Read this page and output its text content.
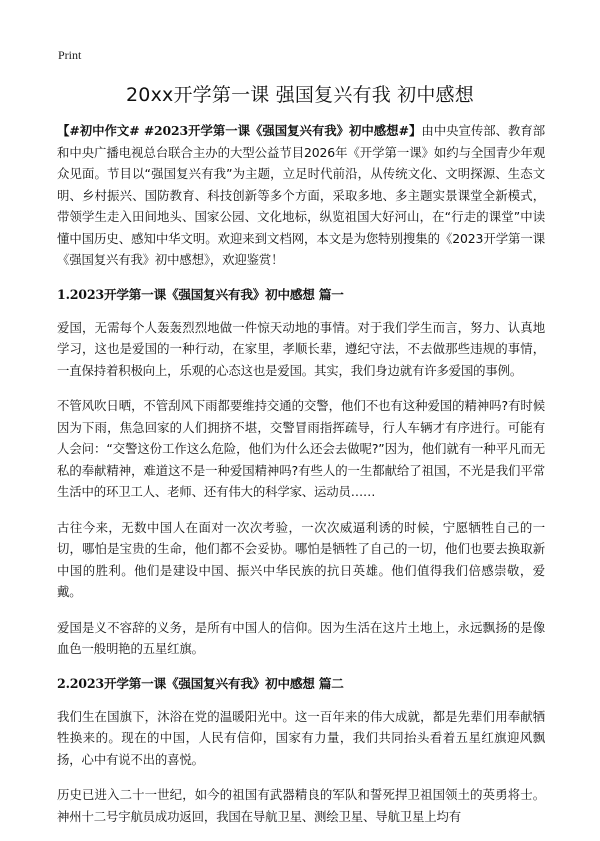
Print
20xx开学第一课 强国复兴有我 初中感想

【#初中作文# #2023开学第一课《强国复兴有我》初中感想#】由中央宣传部、教育部和中央广播电视总台联合主办的大型公益节目2026年《开学第一课》如约与全国青少年观众见面。节目以“强国复兴有我”为主题，立足时代前沿，从传统文化、文明探源、生态文明、乡村振兴、国防教育、科技创新等多个方面，采取多地、多主题实景课堂全新模式，带领学生走入田间地头、国家公园、文化地标，纵览祖国大好河山，在“行走的课堂”中读懂中国历史、感知中华文明。欢迎来到文档网，本文是为您特别搜集的《2023开学第一课《强国复兴有我》初中感想》，欢迎鉴赏！

1.2023开学第一课《强国复兴有我》初中感想 篇一

爱国，无需每个人轰轰烈烈地做一件惊天动地的事情。对于我们学生而言，努力、认真地学习，这也是爱国的一种行动，在家里，孝顺长辈，遵纪守法，不去做那些违规的事情，一直保持着积极向上，乐观的心态这也是爱国。其实，我们身边就有许多爱国的事例。

不管风吹日晒，不管刮风下雨都要维持交通的交警，他们不也有这种爱国的精神吗?有时候因为下雨，焦急回家的人们拥挤不堪，交警冒雨指挥疏导，行人车辆才有序进行。可能有人会问：“交警这份工作这么危险，他们为什么还会去做呢?”因为，他们就有一种平凡而无私的奉献精神，难道这不是一种爱国精神吗?有些人的一生都献给了祖国，不光是我们平常生活中的环卫工人、老师、还有伟大的科学家、运动员……

古往今来，无数中国人在面对一次次考验，一次次威逼利诱的时候，宁愿牺牲自己的一切，哪怕是宝贵的生命，他们都不会妥协。哪怕是牺牲了自己的一切，他们也要去换取新中国的胜利。他们是建设中国、振兴中华民族的抗日英雄。他们值得我们倍感崇敬，爱戴。

爱国是义不容辞的义务，是所有中国人的信仰。因为生活在这片土地上，永远飘扬的是像血色一般明艳的五星红旗。

2.2023开学第一课《强国复兴有我》初中感想 篇二

我们生在国旗下，沐浴在党的温暖阳光中。这一百年来的伟大成就，都是先辈们用奉献牺牲换来的。现在的中国，人民有信仰，国家有力量，我们共同抬头看着五星红旗迎风飘扬，心中有说不出的喜悦。

历史已进入二十一世纪，如今的祖国有武器精良的军队和誓死捍卫祖国领土的英勇将士。神州十二号宇航员成功返回，我国在导航卫星、测绘卫星、导航卫星上均有
